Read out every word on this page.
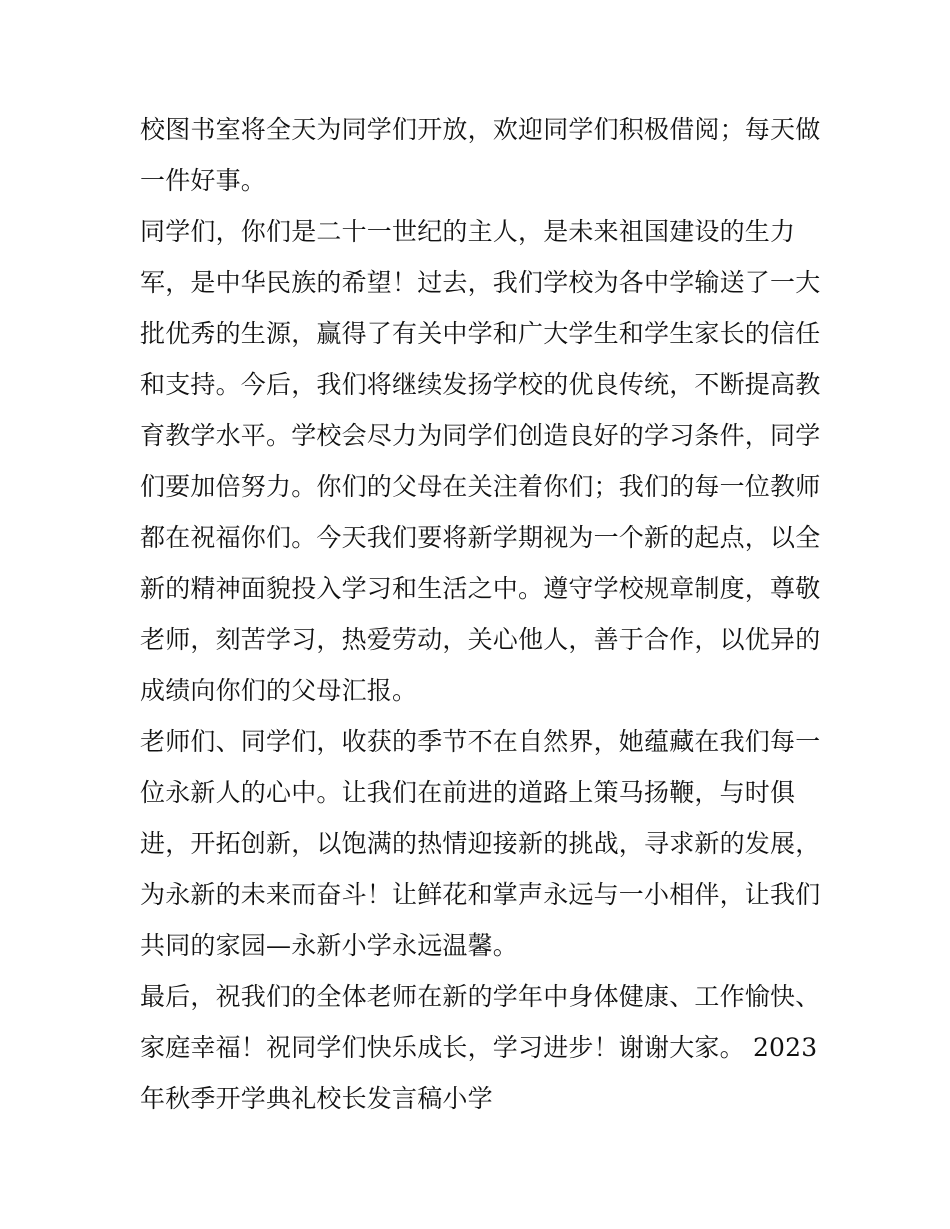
校图书室将全天为同学们开放，欢迎同学们积极借阅；每天做
一件好事。
同学们，你们是二十一世纪的主人，是未来祖国建设的生力
军，是中华民族的希望！过去，我们学校为各中学输送了一大
批优秀的生源，赢得了有关中学和广大学生和学生家长的信任
和支持。今后，我们将继续发扬学校的优良传统，不断提高教
育教学水平。学校会尽力为同学们创造良好的学习条件，同学
们要加倍努力。你们的父母在关注着你们；我们的每一位教师
都在祝福你们。今天我们要将新学期视为一个新的起点，以全
新的精神面貌投入学习和生活之中。遵守学校规章制度，尊敬
老师，刻苦学习，热爱劳动，关心他人，善于合作，以优异的
成绩向你们的父母汇报。
老师们、同学们，收获的季节不在自然界，她蕴藏在我们每一
位永新人的心中。让我们在前进的道路上策马扬鞭，与时俱
进，开拓创新，以饱满的热情迎接新的挑战，寻求新的发展，
为永新的未来而奋斗！让鲜花和掌声永远与一小相伴，让我们
共同的家园—永新小学永远温馨。
最后，祝我们的全体老师在新的学年中身体健康、工作愉快、
家庭幸福！祝同学们快乐成长，学习进步！谢谢大家。 2023
年秋季开学典礼校长发言稿小学
